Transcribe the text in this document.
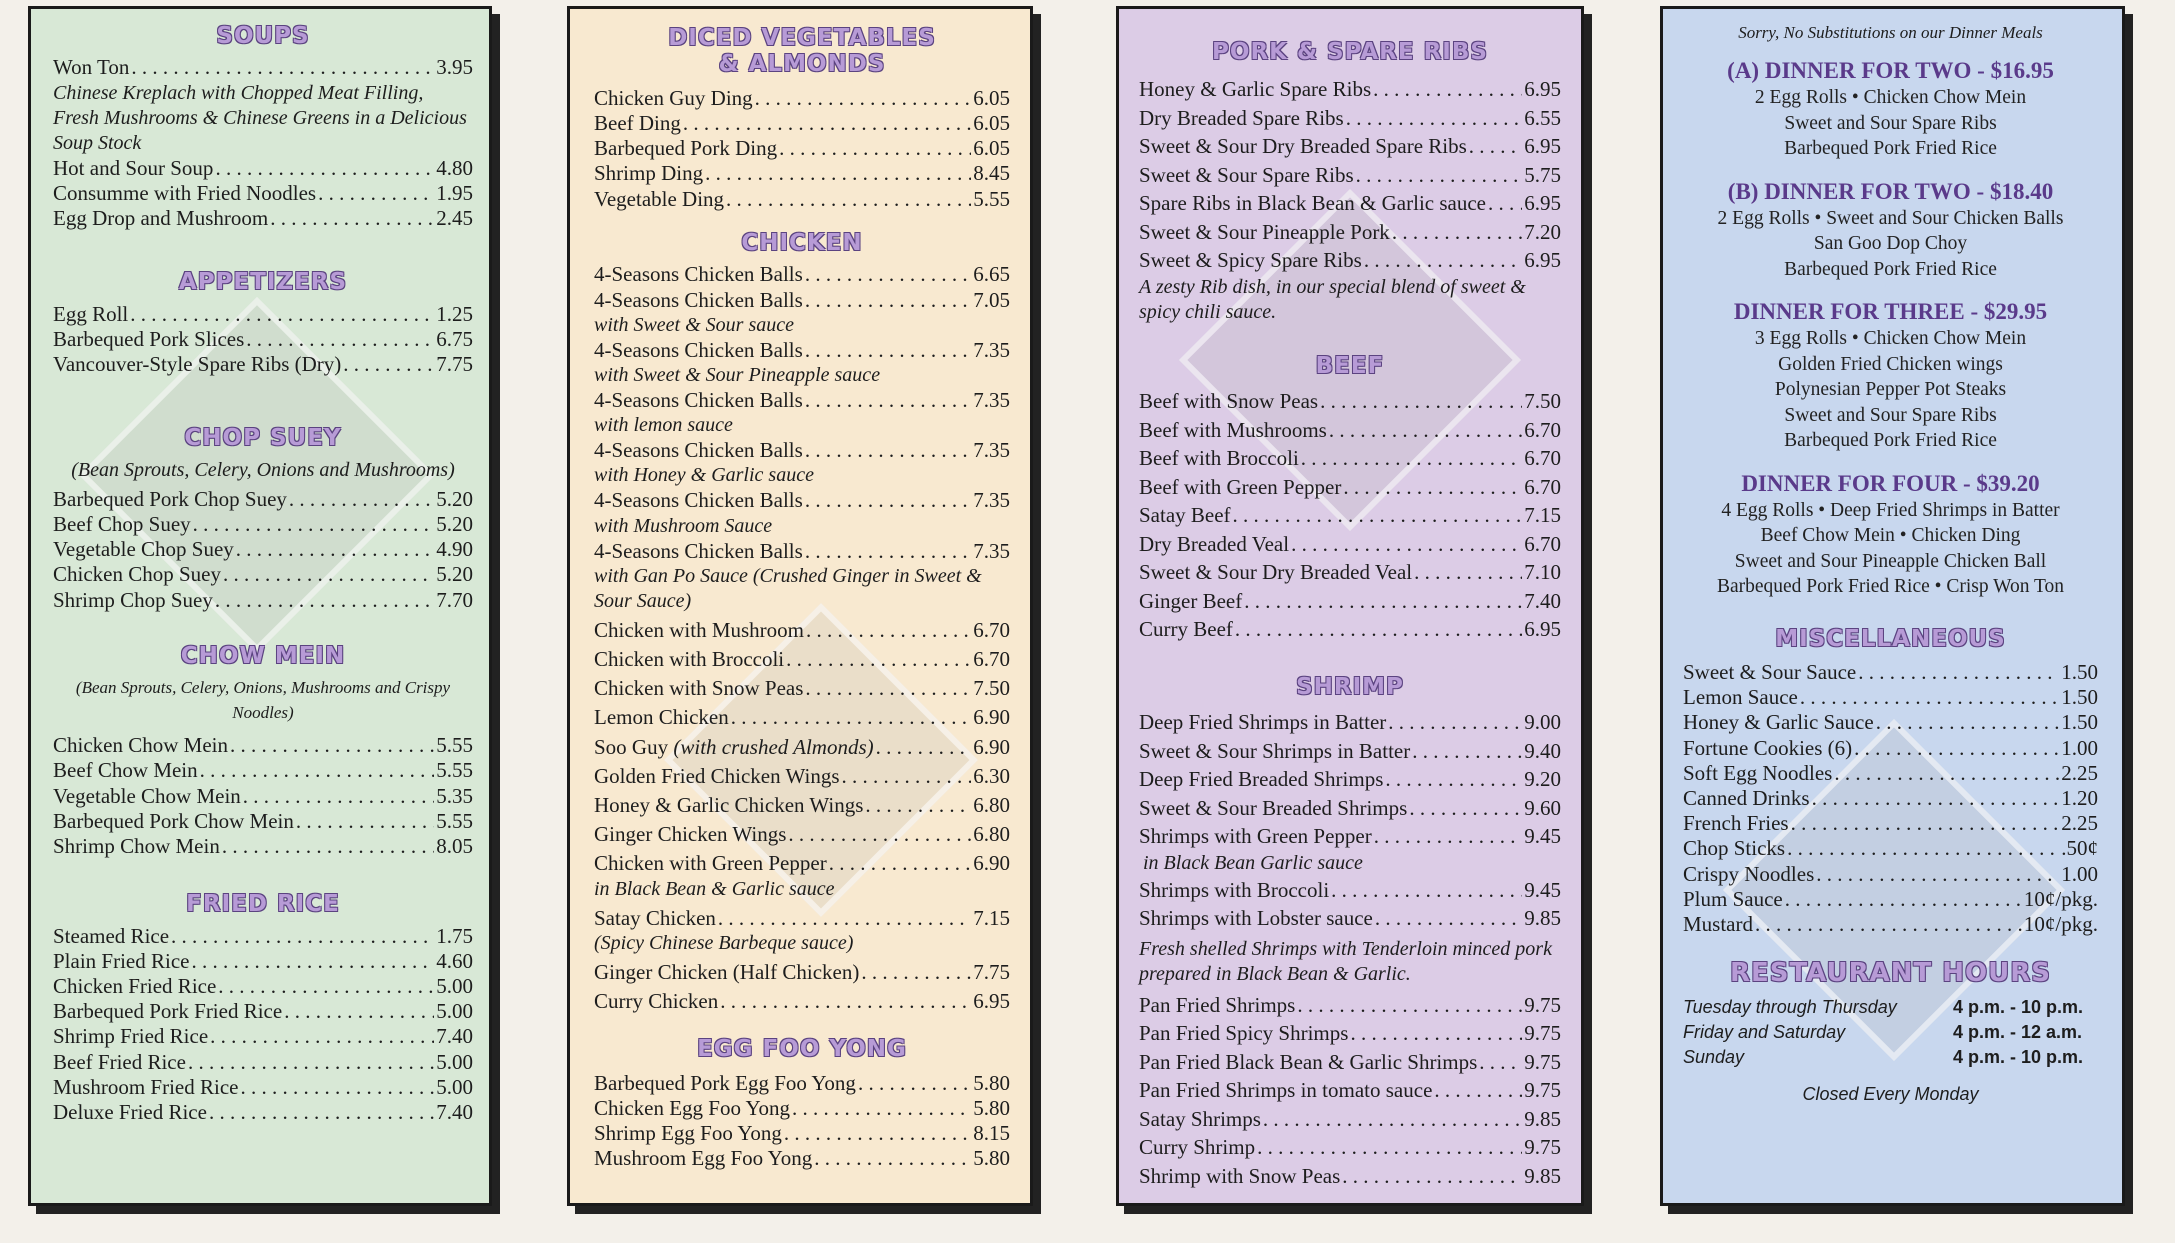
SOUPS
Won Ton . . .	3.95
Chinese Kreplach with Chopped Meat Filling, Fresh Mushrooms & Chinese Greens in a Delicious Soup Stock
Hot and Sour Soup . . .	4.80
Consumme with Fried Noodles . . .	1.95
Egg Drop and Mushroom . . .	2.45
APPETIZERS
Egg Roll . . .	1.25
Barbequed Pork Slices . . .	6.75
Vancouver-Style Spare Ribs (Dry) . . .	7.75
CHOP SUEY
(Bean Sprouts, Celery, Onions and Mushrooms)
Barbequed Pork Chop Suey . . .	5.20
Beef Chop Suey . . .	5.20
Vegetable Chop Suey . . .	4.90
Chicken Chop Suey . . .	5.20
Shrimp Chop Suey . . .	7.70
CHOW MEIN
(Bean Sprouts, Celery, Onions, Mushrooms and Crispy Noodles)
Chicken Chow Mein . . .	5.55
Beef Chow Mein . . .	5.55
Vegetable Chow Mein . . .	5.35
Barbequed Pork Chow Mein . . .	5.55
Shrimp Chow Mein . . .	8.05
FRIED RICE
Steamed Rice . . .	1.75
Plain Fried Rice . . .	4.60
Chicken Fried Rice . . .	5.00
Barbequed Pork Fried Rice . . .	5.00
Shrimp Fried Rice . . .	7.40
Beef Fried Rice . . .	5.00
Mushroom Fried Rice . . .	5.00
Deluxe Fried Rice . . .	7.40
DICED VEGETABLES
& ALMONDS
Chicken Guy Ding . . .	6.05
Beef Ding . . .	6.05
Barbequed Pork Ding . . .	6.05
Shrimp Ding . . .	8.45
Vegetable Ding . . .	5.55
CHICKEN
4-Seasons Chicken Balls . . .	6.65
4-Seasons Chicken Balls . . .	7.05
with Sweet & Sour sauce
4-Seasons Chicken Balls . . .	7.35
with Sweet & Sour Pineapple sauce
4-Seasons Chicken Balls . . .	7.35
with lemon sauce
4-Seasons Chicken Balls . . .	7.35
with Honey & Garlic sauce
4-Seasons Chicken Balls . . .	7.35
with Mushroom Sauce
4-Seasons Chicken Balls . . .	7.35
with Gan Po Sauce (Crushed Ginger in Sweet & Sour Sauce)
Chicken with Mushroom . . .	6.70
Chicken with Broccoli . . .	6.70
Chicken with Snow Peas . . .	7.50
Lemon Chicken . . .	6.90
Soo Guy (with crushed Almonds) . . .	6.90
Golden Fried Chicken Wings . . .	6.30
Honey & Garlic Chicken Wings . . .	6.80
Ginger Chicken Wings . . .	6.80
Chicken with Green Pepper . . .	6.90
in Black Bean & Garlic sauce
Satay Chicken . . .	7.15
(Spicy Chinese Barbeque sauce)
Ginger Chicken (Half Chicken) . . .	7.75
Curry Chicken . . .	6.95
EGG FOO YONG
Barbequed Pork Egg Foo Yong . . .	5.80
Chicken Egg Foo Yong . . .	5.80
Shrimp Egg Foo Yong . . .	8.15
Mushroom Egg Foo Yong . . .	5.80
PORK & SPARE RIBS
Honey & Garlic Spare Ribs . . .	6.95
Dry Breaded Spare Ribs . . .	6.55
Sweet & Sour Dry Breaded Spare Ribs . . .	6.95
Sweet & Sour Spare Ribs . . .	5.75
Spare Ribs in Black Bean & Garlic sauce . . . 6.95
Sweet & Sour Pineapple Pork . . .	7.20
Sweet & Spicy Spare Ribs . . .	6.95
A zesty Rib dish, in our special blend of sweet & spicy chili sauce.
BEEF
Beef with Snow Peas . . .	7.50
Beef with Mushrooms . . .	6.70
Beef with Broccoli . . .	6.70
Beef with Green Pepper . . .	6.70
Satay Beef . . .	7.15
Dry Breaded Veal . . .	6.70
Sweet & Sour Dry Breaded Veal . . .	7.10
Ginger Beef . . .	7.40
Curry Beef . . .	6.95
SHRIMP
Deep Fried Shrimps in Batter . . .	9.00
Sweet & Sour Shrimps in Batter . . .	9.40
Deep Fried Breaded Shrimps . . .	9.20
Sweet & Sour Breaded Shrimps . . .	9.60
Shrimps with Green Pepper . . .	9.45
in Black Bean Garlic sauce
Shrimps with Broccoli . . .	9.45
Shrimps with Lobster sauce . . .	9.85
Fresh shelled Shrimps with Tenderloin minced pork prepared in Black Bean & Garlic.
Pan Fried Shrimps . . .	9.75
Pan Fried Spicy Shrimps . . .	9.75
Pan Fried Black Bean & Garlic Shrimps . . . 9.75
Pan Fried Shrimps in tomato sauce . . .	9.75
Satay Shrimps . . .	9.85
Curry Shrimp . . .	9.75
Shrimp with Snow Peas . . .	9.85
Sorry, No Substitutions on our Dinner Meals
(A) DINNER FOR TWO - $16.95
2 Egg Rolls • Chicken Chow Mein
Sweet and Sour Spare Ribs
Barbequed Pork Fried Rice
(B) DINNER FOR TWO - $18.40
2 Egg Rolls • Sweet and Sour Chicken Balls
San Goo Dop Choy
Barbequed Pork Fried Rice
DINNER FOR THREE - $29.95
3 Egg Rolls • Chicken Chow Mein
Golden Fried Chicken wings
Polynesian Pepper Pot Steaks
Sweet and Sour Spare Ribs
Barbequed Pork Fried Rice
DINNER FOR FOUR - $39.20
4 Egg Rolls • Deep Fried Shrimps in Batter
Beef Chow Mein • Chicken Ding
Sweet and Sour Pineapple Chicken Ball
Barbequed Pork Fried Rice • Crisp Won Ton
MISCELLANEOUS
Sweet & Sour Sauce . . .	1.50
Lemon Sauce . . .	1.50
Honey & Garlic Sauce . . .	1.50
Fortune Cookies (6) . . .	1.00
Soft Egg Noodles . . .	2.25
Canned Drinks . . .	1.20
French Fries . . .	2.25
Chop Sticks . . .	.50¢
Crispy Noodles . . .	1.00
Plum Sauce . . .	10¢/pkg.
Mustard . . .	10¢/pkg.
RESTAURANT HOURS
Tuesday through Thursday	4 p.m. - 10 p.m.
Friday and Saturday	4 p.m. - 12 a.m.
Sunday	4 p.m. - 10 p.m.
Closed Every Monday
